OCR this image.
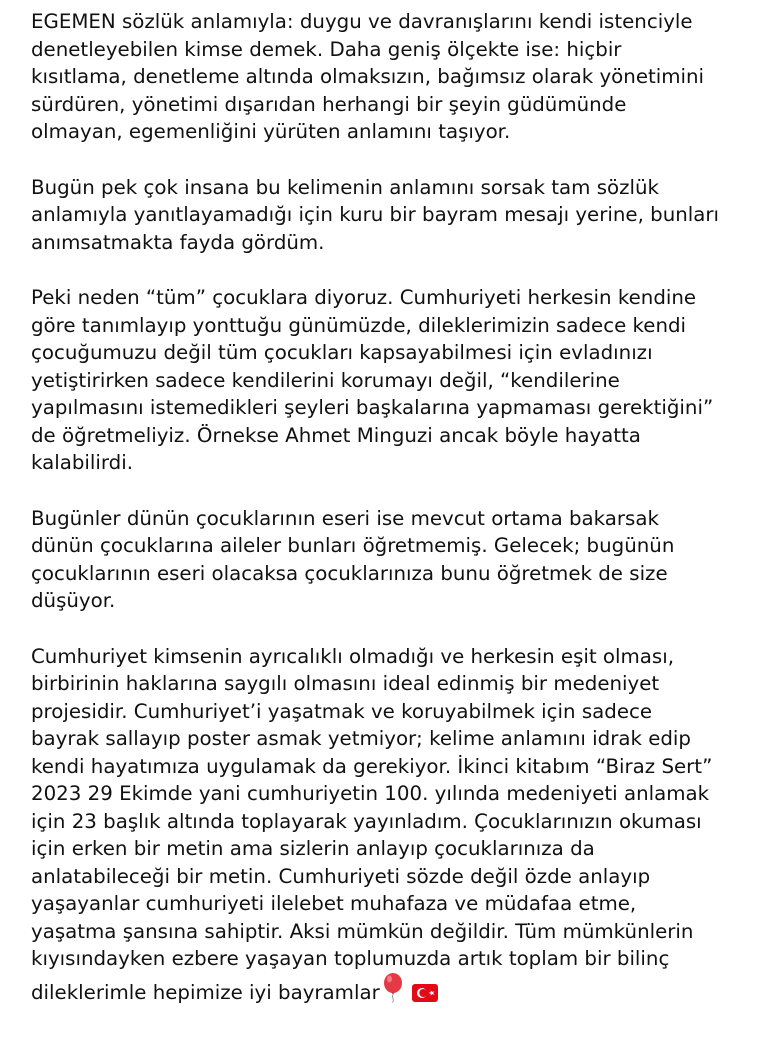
EGEMEN sözlük anlamıyla: duygu ve davranışlarını kendi istenciyle
denetleyebilen kimse demek. Daha geniş ölçekte ise: hiçbir
kısıtlama, denetleme altında olmaksızın, bağımsız olarak yönetimini
sürdüren, yönetimi dışarıdan herhangi bir şeyin güdümünde
olmayan, egemenliğini yürüten anlamını taşıyor.

Bugün pek çok insana bu kelimenin anlamını sorsak tam sözlük
anlamıyla yanıtlayamadığı için kuru bir bayram mesajı yerine, bunları
anımsatmakta fayda gördüm.

Peki neden “tüm” çocuklara diyoruz. Cumhuriyeti herkesin kendine
göre tanımlayıp yonttuğu günümüzde, dileklerimizin sadece kendi
çocuğumuzu değil tüm çocukları kapsayabilmesi için evladınızı
yetiştirirken sadece kendilerini korumayı değil, “kendilerine
yapılmasını istemedikleri şeyleri başkalarına yapmaması gerektiğini”
de öğretmeliyiz. Örnekse Ahmet Minguzi ancak böyle hayatta
kalabilirdi.

Bugünler dünün çocuklarının eseri ise mevcut ortama bakarsak
dünün çocuklarına aileler bunları öğretmemiş. Gelecek; bugünün
çocuklarının eseri olacaksa çocuklarınıza bunu öğretmek de size
düşüyor.

Cumhuriyet kimsenin ayrıcalıklı olmadığı ve herkesin eşit olması,
birbirinin haklarına saygılı olmasını ideal edinmiş bir medeniyet
projesidir. Cumhuriyet’i yaşatmak ve koruyabilmek için sadece
bayrak sallayıp poster asmak yetmiyor; kelime anlamını idrak edip
kendi hayatımıza uygulamak da gerekiyor. İkinci kitabım “Biraz Sert”
2023 29 Ekimde yani cumhuriyetin 100. yılında medeniyeti anlamak
için 23 başlık altında toplayarak yayınladım. Çocuklarınızın okuması
için erken bir metin ama sizlerin anlayıp çocuklarınıza da
anlatabileceği bir metin. Cumhuriyeti sözde değil özde anlayıp
yaşayanlar cumhuriyeti ilelebet muhafaza ve müdafaa etme,
yaşatma şansına sahiptir. Aksi mümkün değildir. Tüm mümkünlerin
kıyısındayken ezbere yaşayan toplumuzda artık toplam bir bilinç
dileklerimle hepimize iyi bayramlar
